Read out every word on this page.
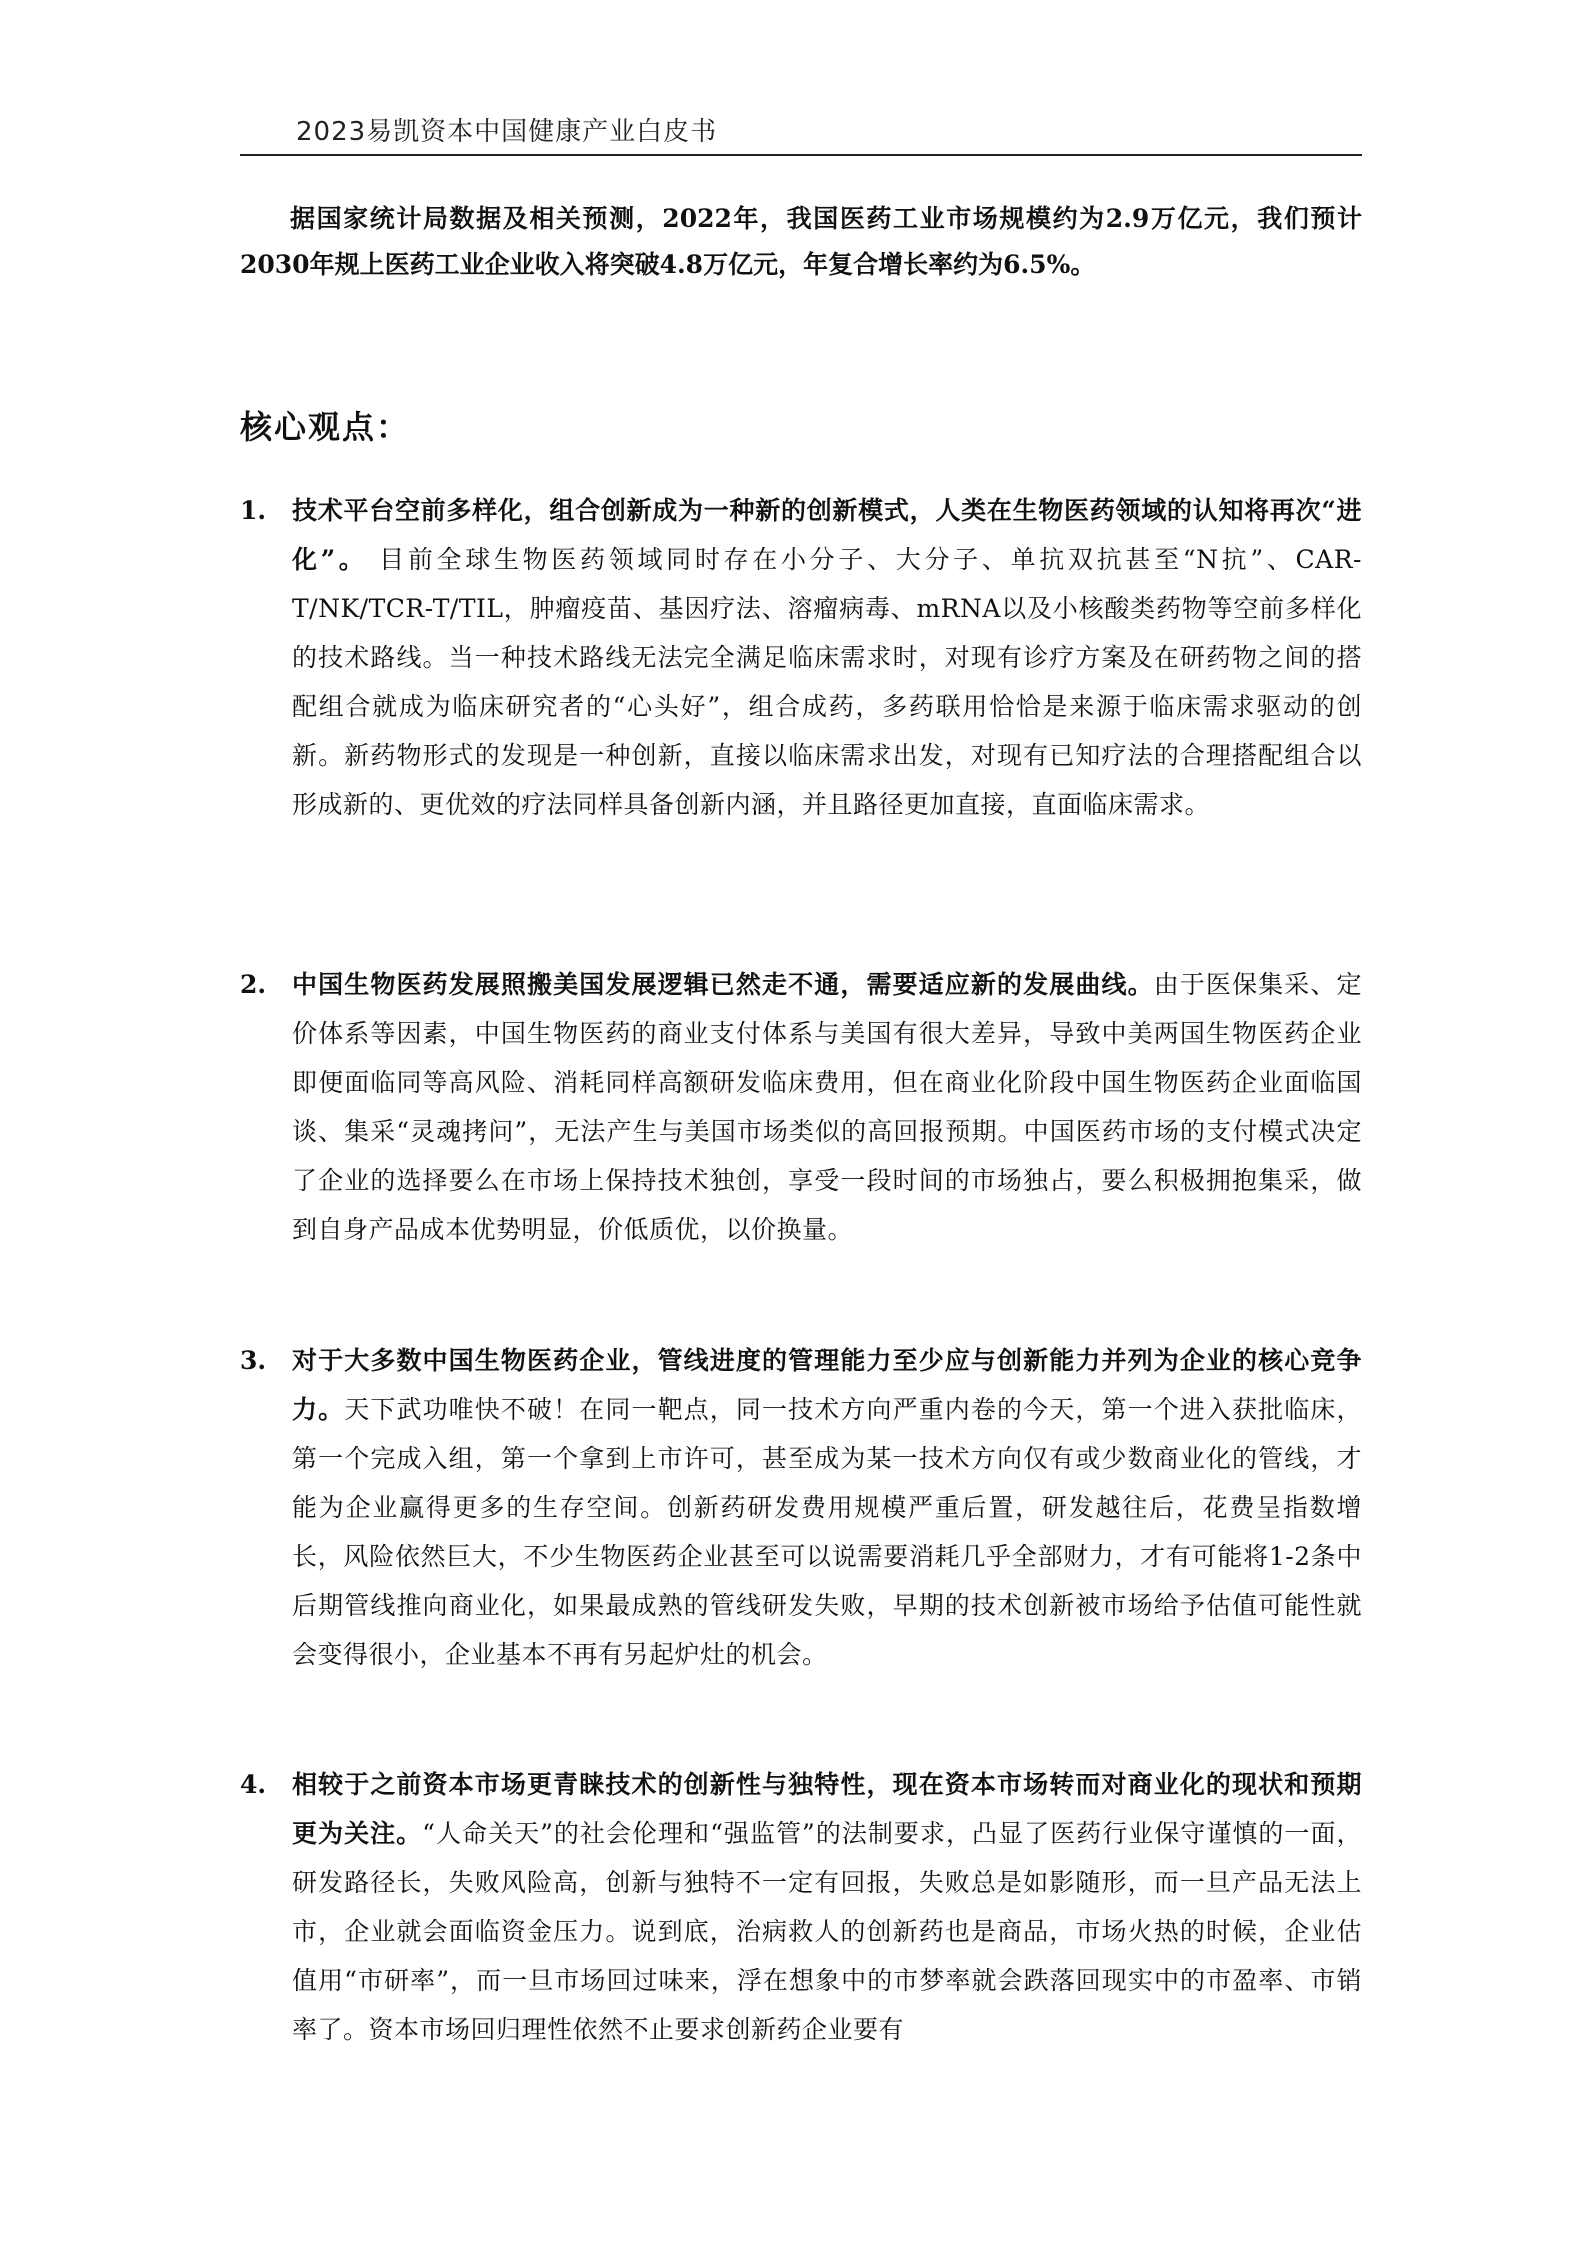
2023易凯资本中国健康产业白皮书
据国家统计局数据及相关预测，2022年，我国医药工业市场规模约为2.9万亿元，我们预计2030年规上医药工业企业收入将突破4.8万亿元，年复合增长率约为6.5%。
核心观点：
1.	技术平台空前多样化，组合创新成为一种新的创新模式，人类在生物医药领域的认知将再次“进化”。 目前全球生物医药领域同时存在小分子、大分子、单抗双抗甚至“N抗”、CAR-T/NK/TCR-T/TIL，肿瘤疫苗、基因疗法、溶瘤病毒、mRNA以及小核酸类药物等空前多样化的技术路线。当一种技术路线无法完全满足临床需求时，对现有诊疗方案及在研药物之间的搭配组合就成为临床研究者的“心头好”，组合成药，多药联用恰恰是来源于临床需求驱动的创新。新药物形式的发现是一种创新，直接以临床需求出发，对现有已知疗法的合理搭配组合以形成新的、更优效的疗法同样具备创新内涵，并且路径更加直接，直面临床需求。
2.	中国生物医药发展照搬美国发展逻辑已然走不通，需要适应新的发展曲线。由于医保集采、定价体系等因素，中国生物医药的商业支付体系与美国有很大差异，导致中美两国生物医药企业即便面临同等高风险、消耗同样高额研发临床费用，但在商业化阶段中国生物医药企业面临国谈、集采“灵魂拷问”，无法产生与美国市场类似的高回报预期。中国医药市场的支付模式决定了企业的选择要么在市场上保持技术独创，享受一段时间的市场独占，要么积极拥抱集采，做到自身产品成本优势明显，价低质优，以价换量。
3.	对于大多数中国生物医药企业，管线进度的管理能力至少应与创新能力并列为企业的核心竞争力。天下武功唯快不破！在同一靶点，同一技术方向严重内卷的今天，第一个进入获批临床，第一个完成入组，第一个拿到上市许可，甚至成为某一技术方向仅有或少数商业化的管线，才能为企业赢得更多的生存空间。创新药研发费用规模严重后置，研发越往后，花费呈指数增长，风险依然巨大，不少生物医药企业甚至可以说需要消耗几乎全部财力，才有可能将1-2条中后期管线推向商业化，如果最成熟的管线研发失败，早期的技术创新被市场给予估值可能性就会变得很小，企业基本不再有另起炉灶的机会。
4.	相较于之前资本市场更青睐技术的创新性与独特性，现在资本市场转而对商业化的现状和预期更为关注。“人命关天”的社会伦理和“强监管”的法制要求，凸显了医药行业保守谨慎的一面，研发路径长，失败风险高，创新与独特不一定有回报，失败总是如影随形，而一旦产品无法上市，企业就会面临资金压力。说到底，治病救人的创新药也是商品，市场火热的时候，企业估值用“市研率”，而一旦市场回过味来，浮在想象中的市梦率就会跌落回现实中的市盈率、市销率了。资本市场回归理性依然不止要求创新药企业要有
